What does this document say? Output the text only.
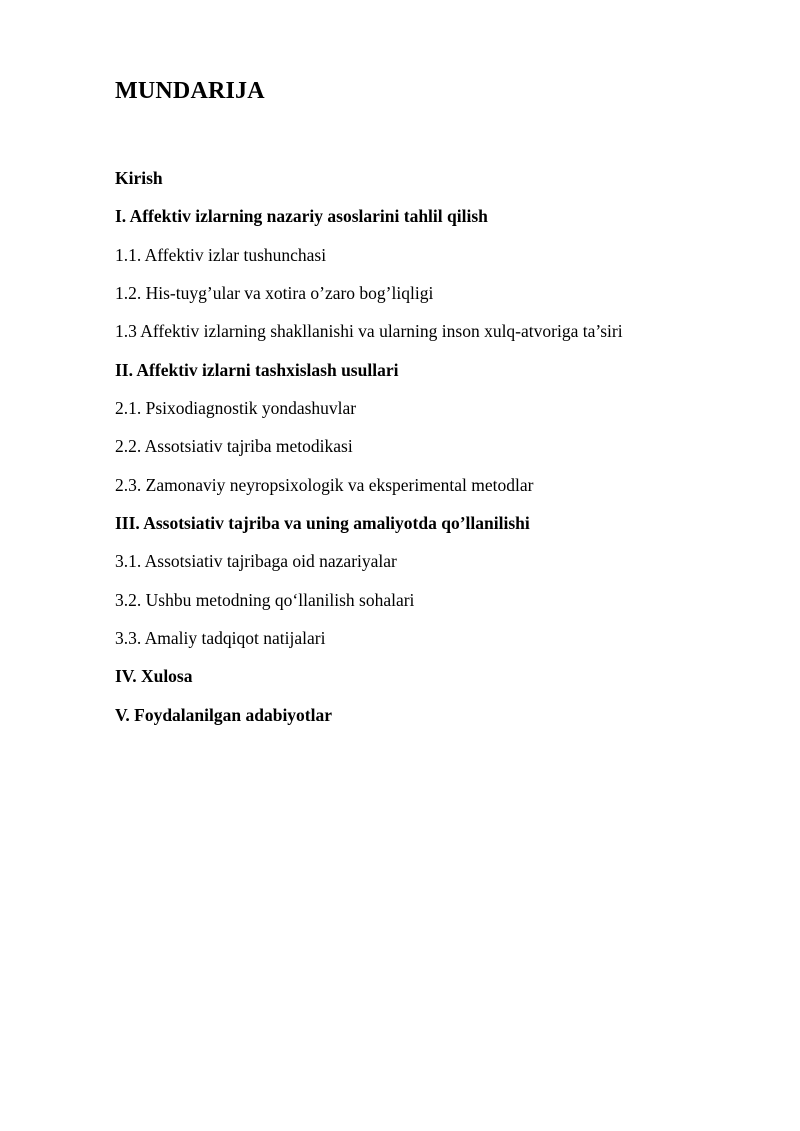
MUNDARIJA
Kirish
I. Affektiv izlarning nazariy asoslarini tahlil qilish
1.1. Affektiv izlar tushunchasi
1.2. His-tuyg’ular va xotira o’zaro bog’liqligi
1.3 Affektiv izlarning shakllanishi va ularning inson xulq-atvoriga ta’siri
II. Affektiv izlarni tashxislash usullari
2.1. Psixodiagnostik yondashuvlar
2.2. Assotsiativ tajriba metodikasi
2.3. Zamonaviy neyropsixologik va eksperimental metodlar
III. Assotsiativ tajriba va uning amaliyotda qo’llanilishi
3.1. Assotsiativ tajribaga oid nazariyalar
3.2. Ushbu metodning qo‘llanilish sohalari
3.3. Amaliy tadqiqot natijalari
IV. Xulosa
V. Foydalanilgan adabiyotlar
